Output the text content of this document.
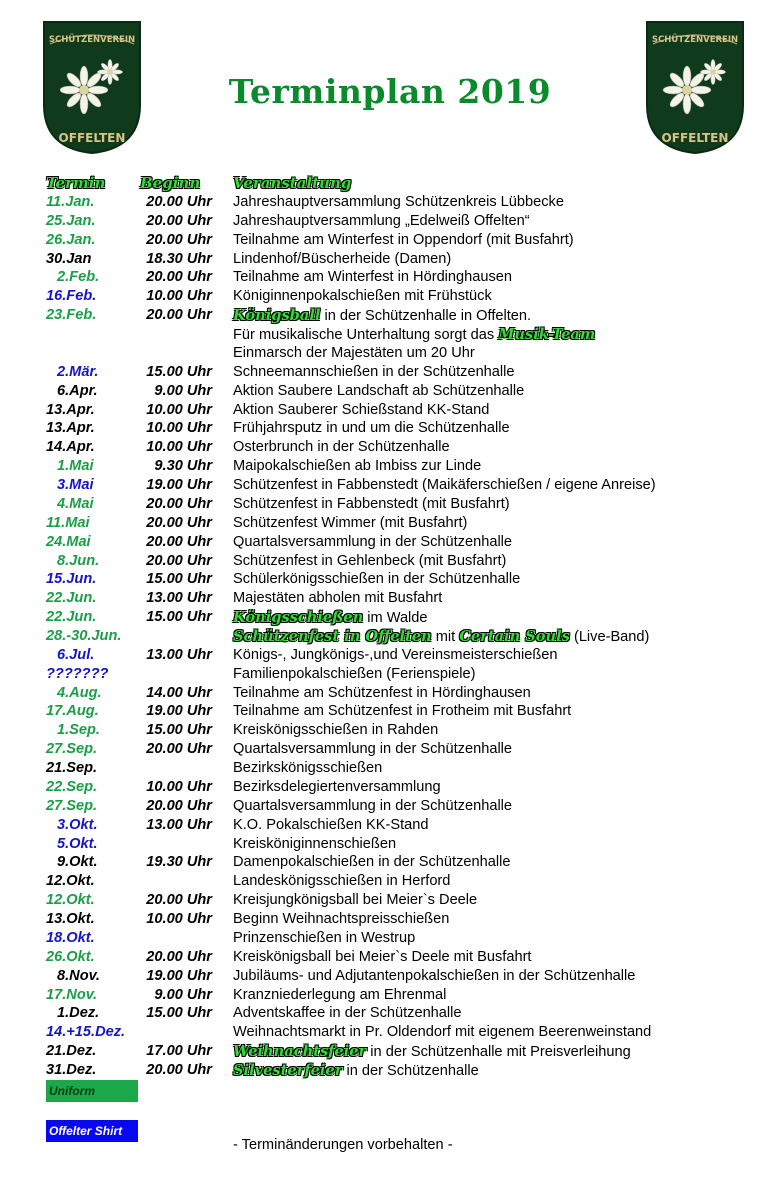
SCHÜTZENVEREIN
OFFELTEN
SCHÜTZENVEREIN
OFFELTEN
Terminplan 2019
Termin Beginn Veranstaltung
11.Jan.	20.00 Uhr Jahreshauptversammlung Schützenkreis Lübbecke
25.Jan.	20.00 Uhr Jahreshauptversammlung „Edelweiß Offelten“
26.Jan.	20.00 Uhr Teilnahme am Winterfest in Oppendorf (mit Busfahrt)
30.Jan	18.30 Uhr Lindenhof/Büscherheide (Damen)
2.Feb.	20.00 Uhr Teilnahme am Winterfest in Hördinghausen
16.Feb.	10.00 Uhr Königinnenpokalschießen mit Frühstück
23.Feb.	20.00 Uhr Königsball in der Schützenhalle in Offelten.
Für musikalische Unterhaltung sorgt das Musik-Team
Einmarsch der Majestäten um 20 Uhr
2.Mär.	15.00 Uhr Schneemannschießen in der Schützenhalle
6.Apr.	9.00 Uhr Aktion Saubere Landschaft ab Schützenhalle
13.Apr.	10.00 Uhr Aktion Sauberer Schießstand KK-Stand
13.Apr.	10.00 Uhr Frühjahrsputz in und um die Schützenhalle
14.Apr.	10.00 Uhr Osterbrunch in der Schützenhalle
1.Mai	9.30 Uhr Maipokalschießen ab Imbiss zur Linde
3.Mai	19.00 Uhr Schützenfest in Fabbenstedt (Maikäferschießen / eigene Anreise)
4.Mai	20.00 Uhr Schützenfest in Fabbenstedt (mit Busfahrt)
11.Mai	20.00 Uhr Schützenfest Wimmer (mit Busfahrt)
24.Mai	20.00 Uhr Quartalsversammlung in der Schützenhalle
8.Jun.	20.00 Uhr Schützenfest in Gehlenbeck (mit Busfahrt)
15.Jun.	15.00 Uhr Schülerkönigsschießen in der Schützenhalle
22.Jun.	13.00 Uhr Majestäten abholen mit Busfahrt
22.Jun.	15.00 Uhr Königsschießen im Walde
28.-30.Jun.	Schützenfest in Offelten mit Certain Souls (Live-Band)
6.Jul.	13.00 Uhr Königs-, Jungkönigs-,und Vereinsmeisterschießen
???????	Familienpokalschießen (Ferienspiele)
4.Aug.	14.00 Uhr Teilnahme am Schützenfest in Hördinghausen
17.Aug.	19.00 Uhr Teilnahme am Schützenfest in Frotheim mit Busfahrt
1.Sep.	15.00 Uhr Kreiskönigsschießen in Rahden
27.Sep.	20.00 Uhr Quartalsversammlung in der Schützenhalle
21.Sep.	Bezirkskönigsschießen
22.Sep.	10.00 Uhr Bezirksdelegiertenversammlung
27.Sep.	20.00 Uhr Quartalsversammlung in der Schützenhalle
3.Okt.	13.00 Uhr K.O. Pokalschießen KK-Stand
5.Okt.	Kreisköniginnenschießen
9.Okt.	19.30 Uhr Damenpokalschießen in der Schützenhalle
12.Okt.	Landeskönigsschießen in Herford
12.Okt.	20.00 Uhr Kreisjungkönigsball bei Meier`s Deele
13.Okt.	10.00 Uhr Beginn Weihnachtspreisschießen
18.Okt.	Prinzenschießen in Westrup
26.Okt.	20.00 Uhr Kreiskönigsball bei Meier`s Deele mit Busfahrt
8.Nov.	19.00 Uhr Jubiläums- und Adjutantenpokalschießen in der Schützenhalle
17.Nov.	9.00 Uhr Kranzniederlegung am Ehrenmal
1.Dez.	15.00 Uhr Adventskaffee in der Schützenhalle
14.+15.Dez.	Weihnachtsmarkt in Pr. Oldendorf mit eigenem Beerenweinstand
21.Dez.	17.00 Uhr Weihnachtsfeier in der Schützenhalle mit Preisverleihung
31.Dez.	20.00 Uhr Silvesterfeier in der Schützenhalle
Uniform
Offelter Shirt
- Terminänderungen vorbehalten -
